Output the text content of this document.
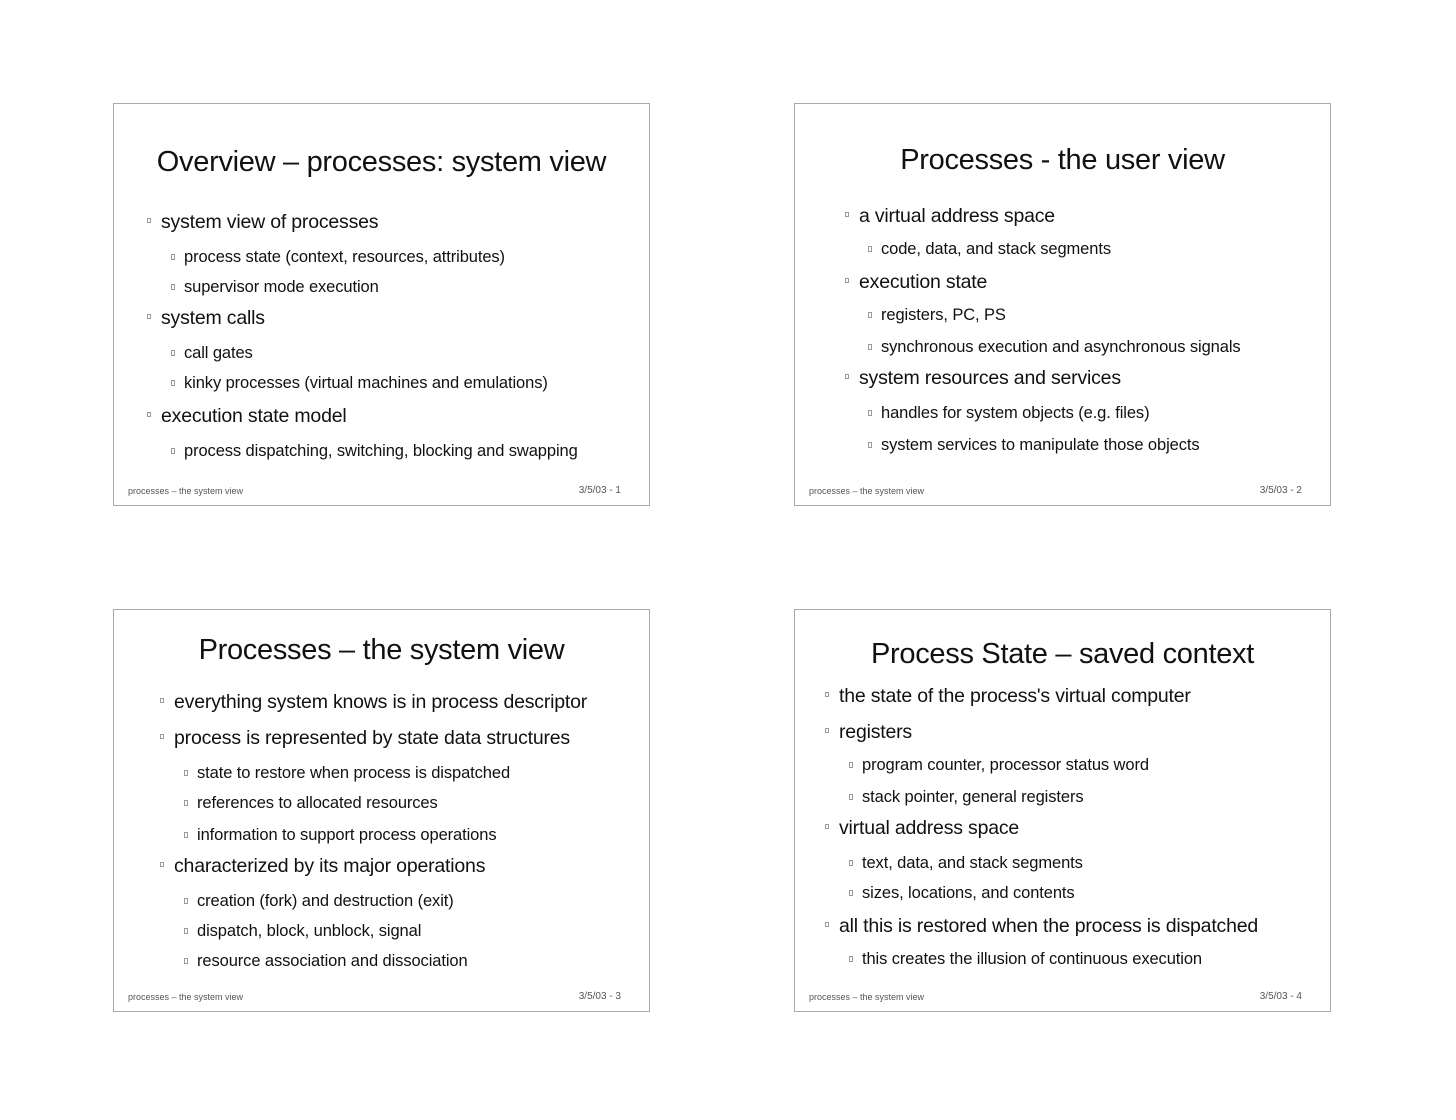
Overview – processes: system view
system view of processes
process state (context, resources, attributes)
supervisor mode execution
system calls
call gates
kinky processes (virtual machines and emulations)
execution state model
process dispatching, switching, blocking and swapping
processes – the system view	3/5/03 - 1
Processes - the user view
a virtual address space
code, data, and stack segments
execution state
registers, PC, PS
synchronous execution and asynchronous signals
system resources and services
handles for system objects (e.g. files)
system services to manipulate those objects
processes – the system view	3/5/03 - 2
Processes – the system view
everything system knows is in process descriptor
process is represented by state data structures
state to restore when process is dispatched
references to allocated resources
information to support process operations
characterized by its major operations
creation (fork) and destruction (exit)
dispatch, block, unblock, signal
resource association and dissociation
processes – the system view	3/5/03 - 3
Process State – saved context
the state of the process's virtual computer
registers
program counter, processor status word
stack pointer, general registers
virtual address space
text, data, and stack segments
sizes, locations, and contents
all this is restored when the process is dispatched
this creates the illusion of continuous execution
processes – the system view	3/5/03 - 4
